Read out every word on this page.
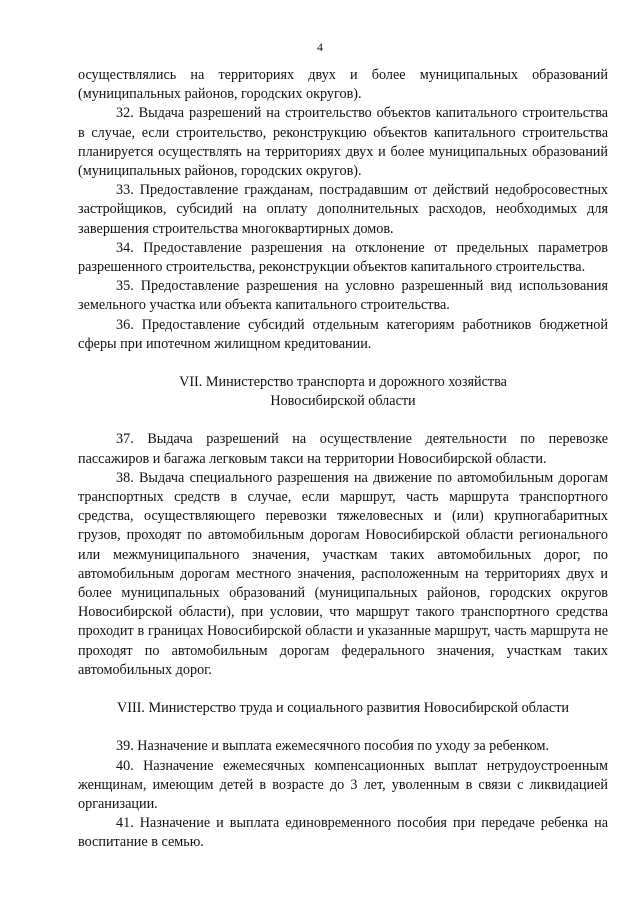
4

осуществлялись на территориях двух и более муниципальных образований (муниципальных районов, городских округов).

32. Выдача разрешений на строительство объектов капитального строительства в случае, если строительство, реконструкцию объектов капитального строительства планируется осуществлять на территориях двух и более муниципальных образований (муниципальных районов, городских округов).

33. Предоставление гражданам, пострадавшим от действий недобросовестных застройщиков, субсидий на оплату дополнительных расходов, необходимых для завершения строительства многоквартирных домов.

34. Предоставление разрешения на отклонение от предельных параметров разрешенного строительства, реконструкции объектов капитального строительства.

35. Предоставление разрешения на условно разрешенный вид использования земельного участка или объекта капитального строительства.

36. Предоставление субсидий отдельным категориям работников бюджетной сферы при ипотечном жилищном кредитовании.

VII. Министерство транспорта и дорожного хозяйства
Новосибирской области

37. Выдача разрешений на осуществление деятельности по перевозке пассажиров и багажа легковым такси на территории Новосибирской области.

38. Выдача специального разрешения на движение по автомобильным дорогам транспортных средств в случае, если маршрут, часть маршрута транспортного средства, осуществляющего перевозки тяжеловесных и (или) крупногабаритных грузов, проходят по автомобильным дорогам Новосибирской области регионального или межмуниципального значения, участкам таких автомобильных дорог, по автомобильным дорогам местного значения, расположенным на территориях двух и более муниципальных образований (муниципальных районов, городских округов Новосибирской области), при условии, что маршрут такого транспортного средства проходит в границах Новосибирской области и указанные маршрут, часть маршрута не проходят по автомобильным дорогам федерального значения, участкам таких автомобильных дорог.

VIII. Министерство труда и социального развития Новосибирской области

39. Назначение и выплата ежемесячного пособия по уходу за ребенком.

40. Назначение ежемесячных компенсационных выплат нетрудоустроенным женщинам, имеющим детей в возрасте до 3 лет, уволенным в связи с ликвидацией организации.

41. Назначение и выплата единовременного пособия при передаче ребенка на воспитание в семью.
